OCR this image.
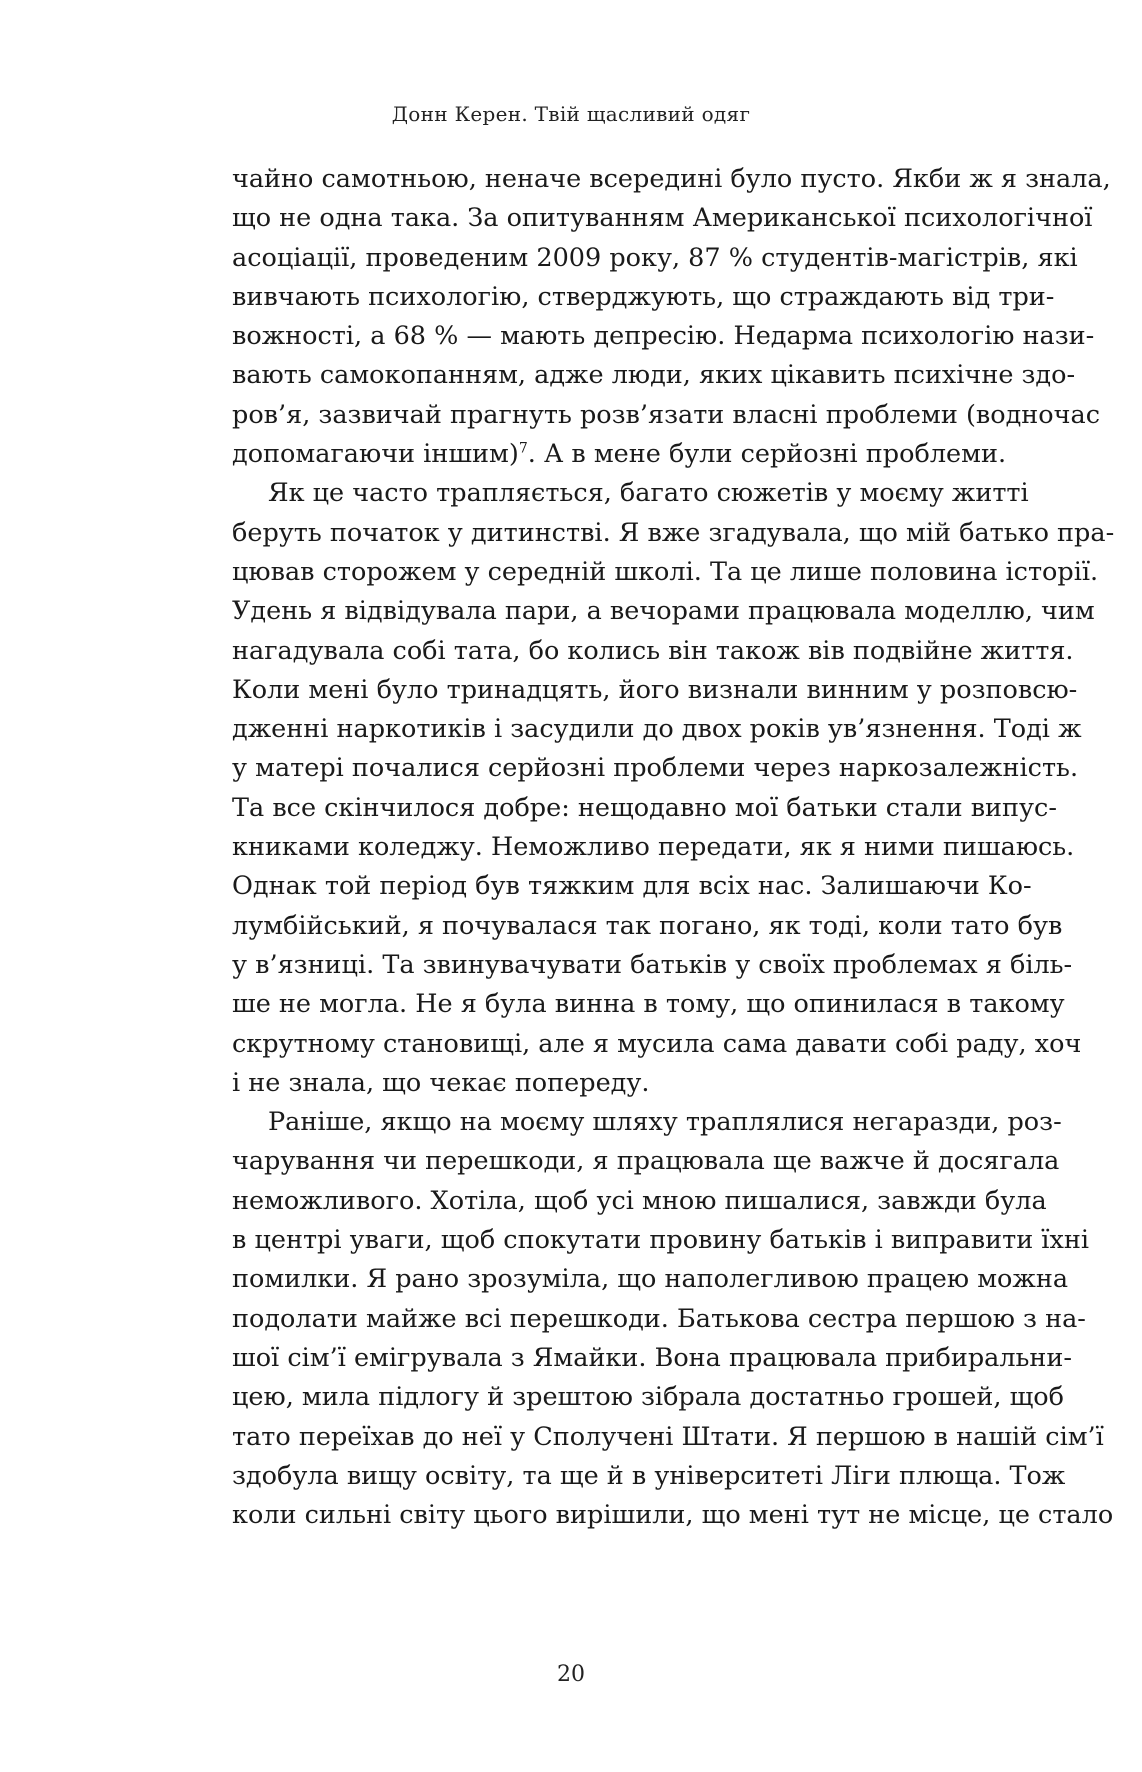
Донн Керен. Твій щасливий одяг
чайно самотньою, неначе всередині було пусто. Якби ж я знала,
що не одна така. За опитуванням Американської психологічної
асоціації, проведеним 2009 року, 87 % студентів-магістрів, які
вивчають психологію, стверджують, що страждають від три-
вожності, а 68 % — мають депресію. Недарма психологію нази-
вають самокопанням, адже люди, яких цікавить психічне здо-
ров’я, зазвичай прагнуть розв’язати власні проблеми (водночас
допомагаючи іншим)$^7$. А в мене були серйозні проблеми.
Як це часто трапляється, багато сюжетів у моєму житті
беруть початок у дитинстві. Я вже згадувала, що мій батько пра-
цював сторожем у середній школі. Та це лише половина історії.
Удень я відвідувала пари, а вечорами працювала моделлю, чим
нагадувала собі тата, бо колись він також вів подвійне життя.
Коли мені було тринадцять, його визнали винним у розповсю-
дженні наркотиків і засудили до двох років ув’язнення. Тоді ж
у матері почалися серйозні проблеми через наркозалежність.
Та все скінчилося добре: нещодавно мої батьки стали випус-
книками коледжу. Неможливо передати, як я ними пишаюсь.
Однак той період був тяжким для всіх нас. Залишаючи Ко-
лумбійський, я почувалася так погано, як тоді, коли тато був
у в’язниці. Та звинувачувати батьків у своїх проблемах я біль-
ше не могла. Не я була винна в тому, що опинилася в такому
скрутному становищі, але я мусила сама давати собі раду, хоч
і не знала, що чекає попереду.
Раніше, якщо на моєму шляху траплялися негаразди, роз-
чарування чи перешкоди, я працювала ще важче й досягала
неможливого. Хотіла, щоб усі мною пишалися, завжди була
в центрі уваги, щоб спокутати провину батьків і виправити їхні
помилки. Я рано зрозуміла, що наполегливою працею можна
подолати майже всі перешкоди. Батькова сестра першою з на-
шої сім’ї емігрувала з Ямайки. Вона працювала прибиральни-
цею, мила підлогу й зрештою зібрала достатньо грошей, щоб
тато переїхав до неї у Сполучені Штати. Я першою в нашій сім’ї
здобула вищу освіту, та ще й в університеті Ліги плюща. Тож
коли сильні світу цього вирішили, що мені тут не місце, це стало
20
